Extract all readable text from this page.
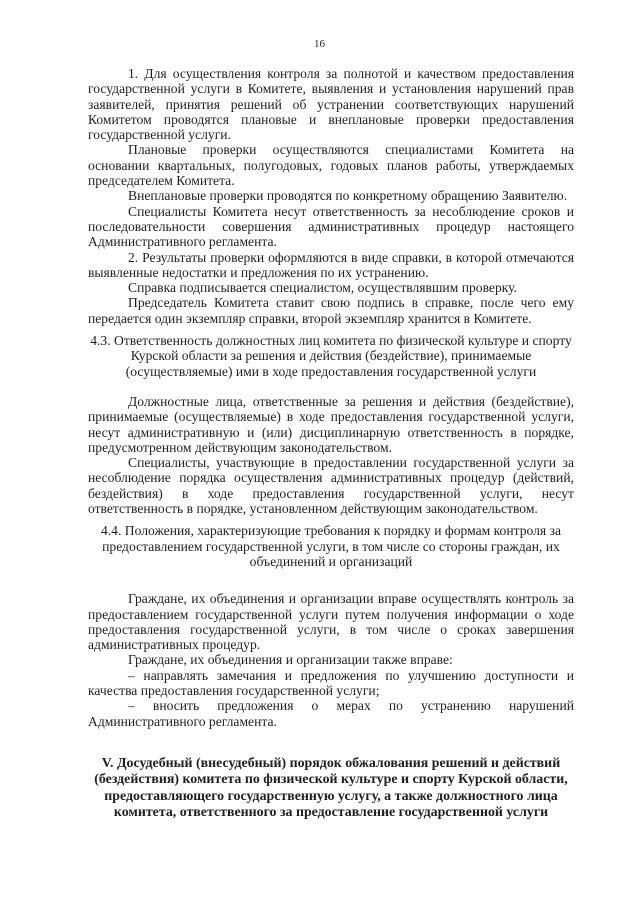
16

1. Для осуществления контроля за полнотой и качеством предоставления государственной услуги в Комитете, выявления и установления нарушений прав заявителей, принятия решений об устранении соответствующих нарушений Комитетом проводятся плановые и внеплановые проверки предоставления государственной услуги.

Плановые проверки осуществляются специалистами Комитета на основании квартальных, полугодовых, годовых планов работы, утверждаемых председателем Комитета.

Внеплановые проверки проводятся по конкретному обращению Заявителю.

Специалисты Комитета несут ответственность за несоблюдение сроков и последовательности совершения административных процедур настоящего Административного регламента.

2. Результаты проверки оформляются в виде справки, в которой отмечаются выявленные недостатки и предложения по их устранению.

Справка подписывается специалистом, осуществлявшим проверку.

Председатель Комитета ставит свою подпись в справке, после чего ему передается один экземпляр справки, второй экземпляр хранится в Комитете.

4.3. Ответственность должностных лиц комитета по физической культуре и спорту Курской области за решения и действия (бездействие), принимаемые (осуществляемые) ими в ходе предоставления государственной услуги

Должностные лица, ответственные за решения и действия (бездействие), принимаемые (осуществляемые) в ходе предоставления государственной услуги, несут административную и (или) дисциплинарную ответственность в порядке, предусмотренном действующим законодательством.

Специалисты, участвующие в предоставлении государственной услуги за несоблюдение порядка осуществления административных процедур (действий, бездействия) в ходе предоставления государственной услуги, несут ответственность в порядке, установленном действующим законодательством.

4.4. Положения, характеризующие требования к порядку и формам контроля за предоставлением государственной услуги, в том числе со стороны граждан, их объединений и организаций

Граждане, их объединения и организации вправе осуществлять контроль за предоставлением государственной услуги путем получения информации о ходе предоставления государственной услуги, в том числе о сроках завершения административных процедур.

Граждане, их объединения и организации также вправе:

– направлять замечания и предложения по улучшению доступности и качества предоставления государственной услуги;

– вносить предложения о мерах по устранению нарушений Административного регламента.

V. Досудебный (внесудебный) порядок обжалования решений и действий (бездействия) комитета по физической культуре и спорту Курской области, предоставляющего государственную услугу, а также должностного лица комитета, ответственного за предоставление государственной услуги
